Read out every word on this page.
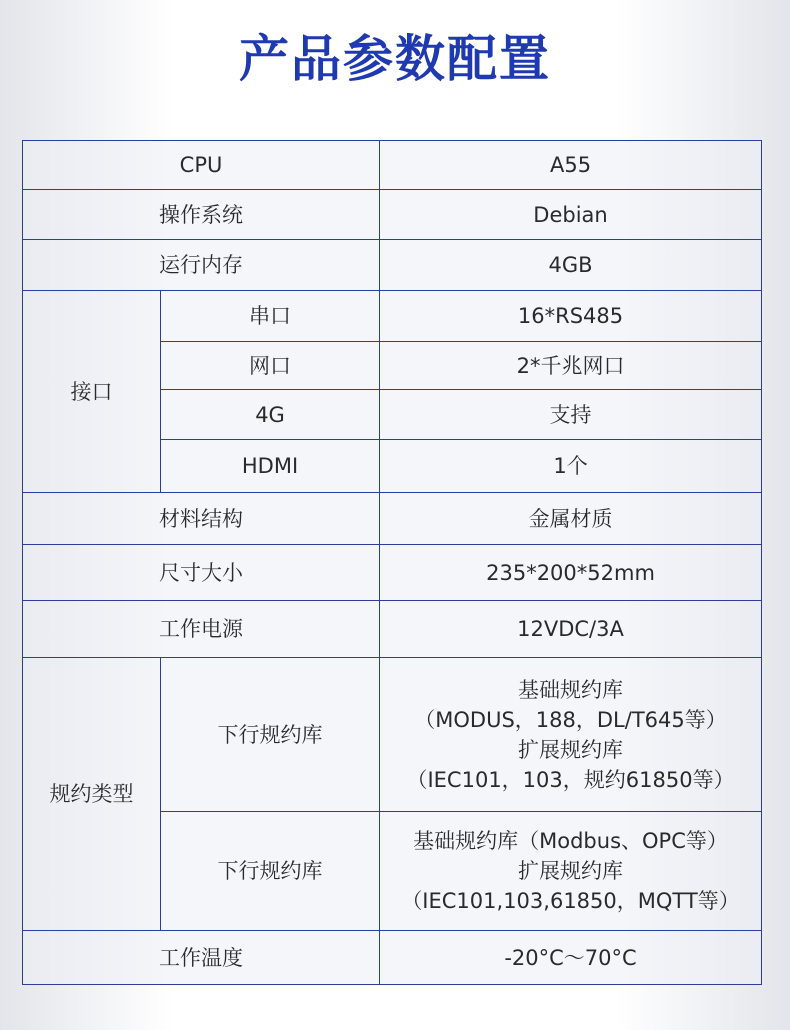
产品参数配置
CPU		A55
操作系统		Debian
运行内存		4GB
接口	串口	16*RS485
	网口	2*千兆网口
	4G	支持
	HDMI	1个
材料结构		金属材质
尺寸大小		235*200*52mm
工作电源		12VDC/3A
规约类型	下行规约库	基础规约库
（MODUS，188，DL/T645等）
扩展规约库
（IEC101，103，规约61850等）

	下行规约库	基础规约库（Modbus、OPC等）
扩展规约库
（IEC101,103,61850，MQTT等）

工作温度		-20°C～70°C
